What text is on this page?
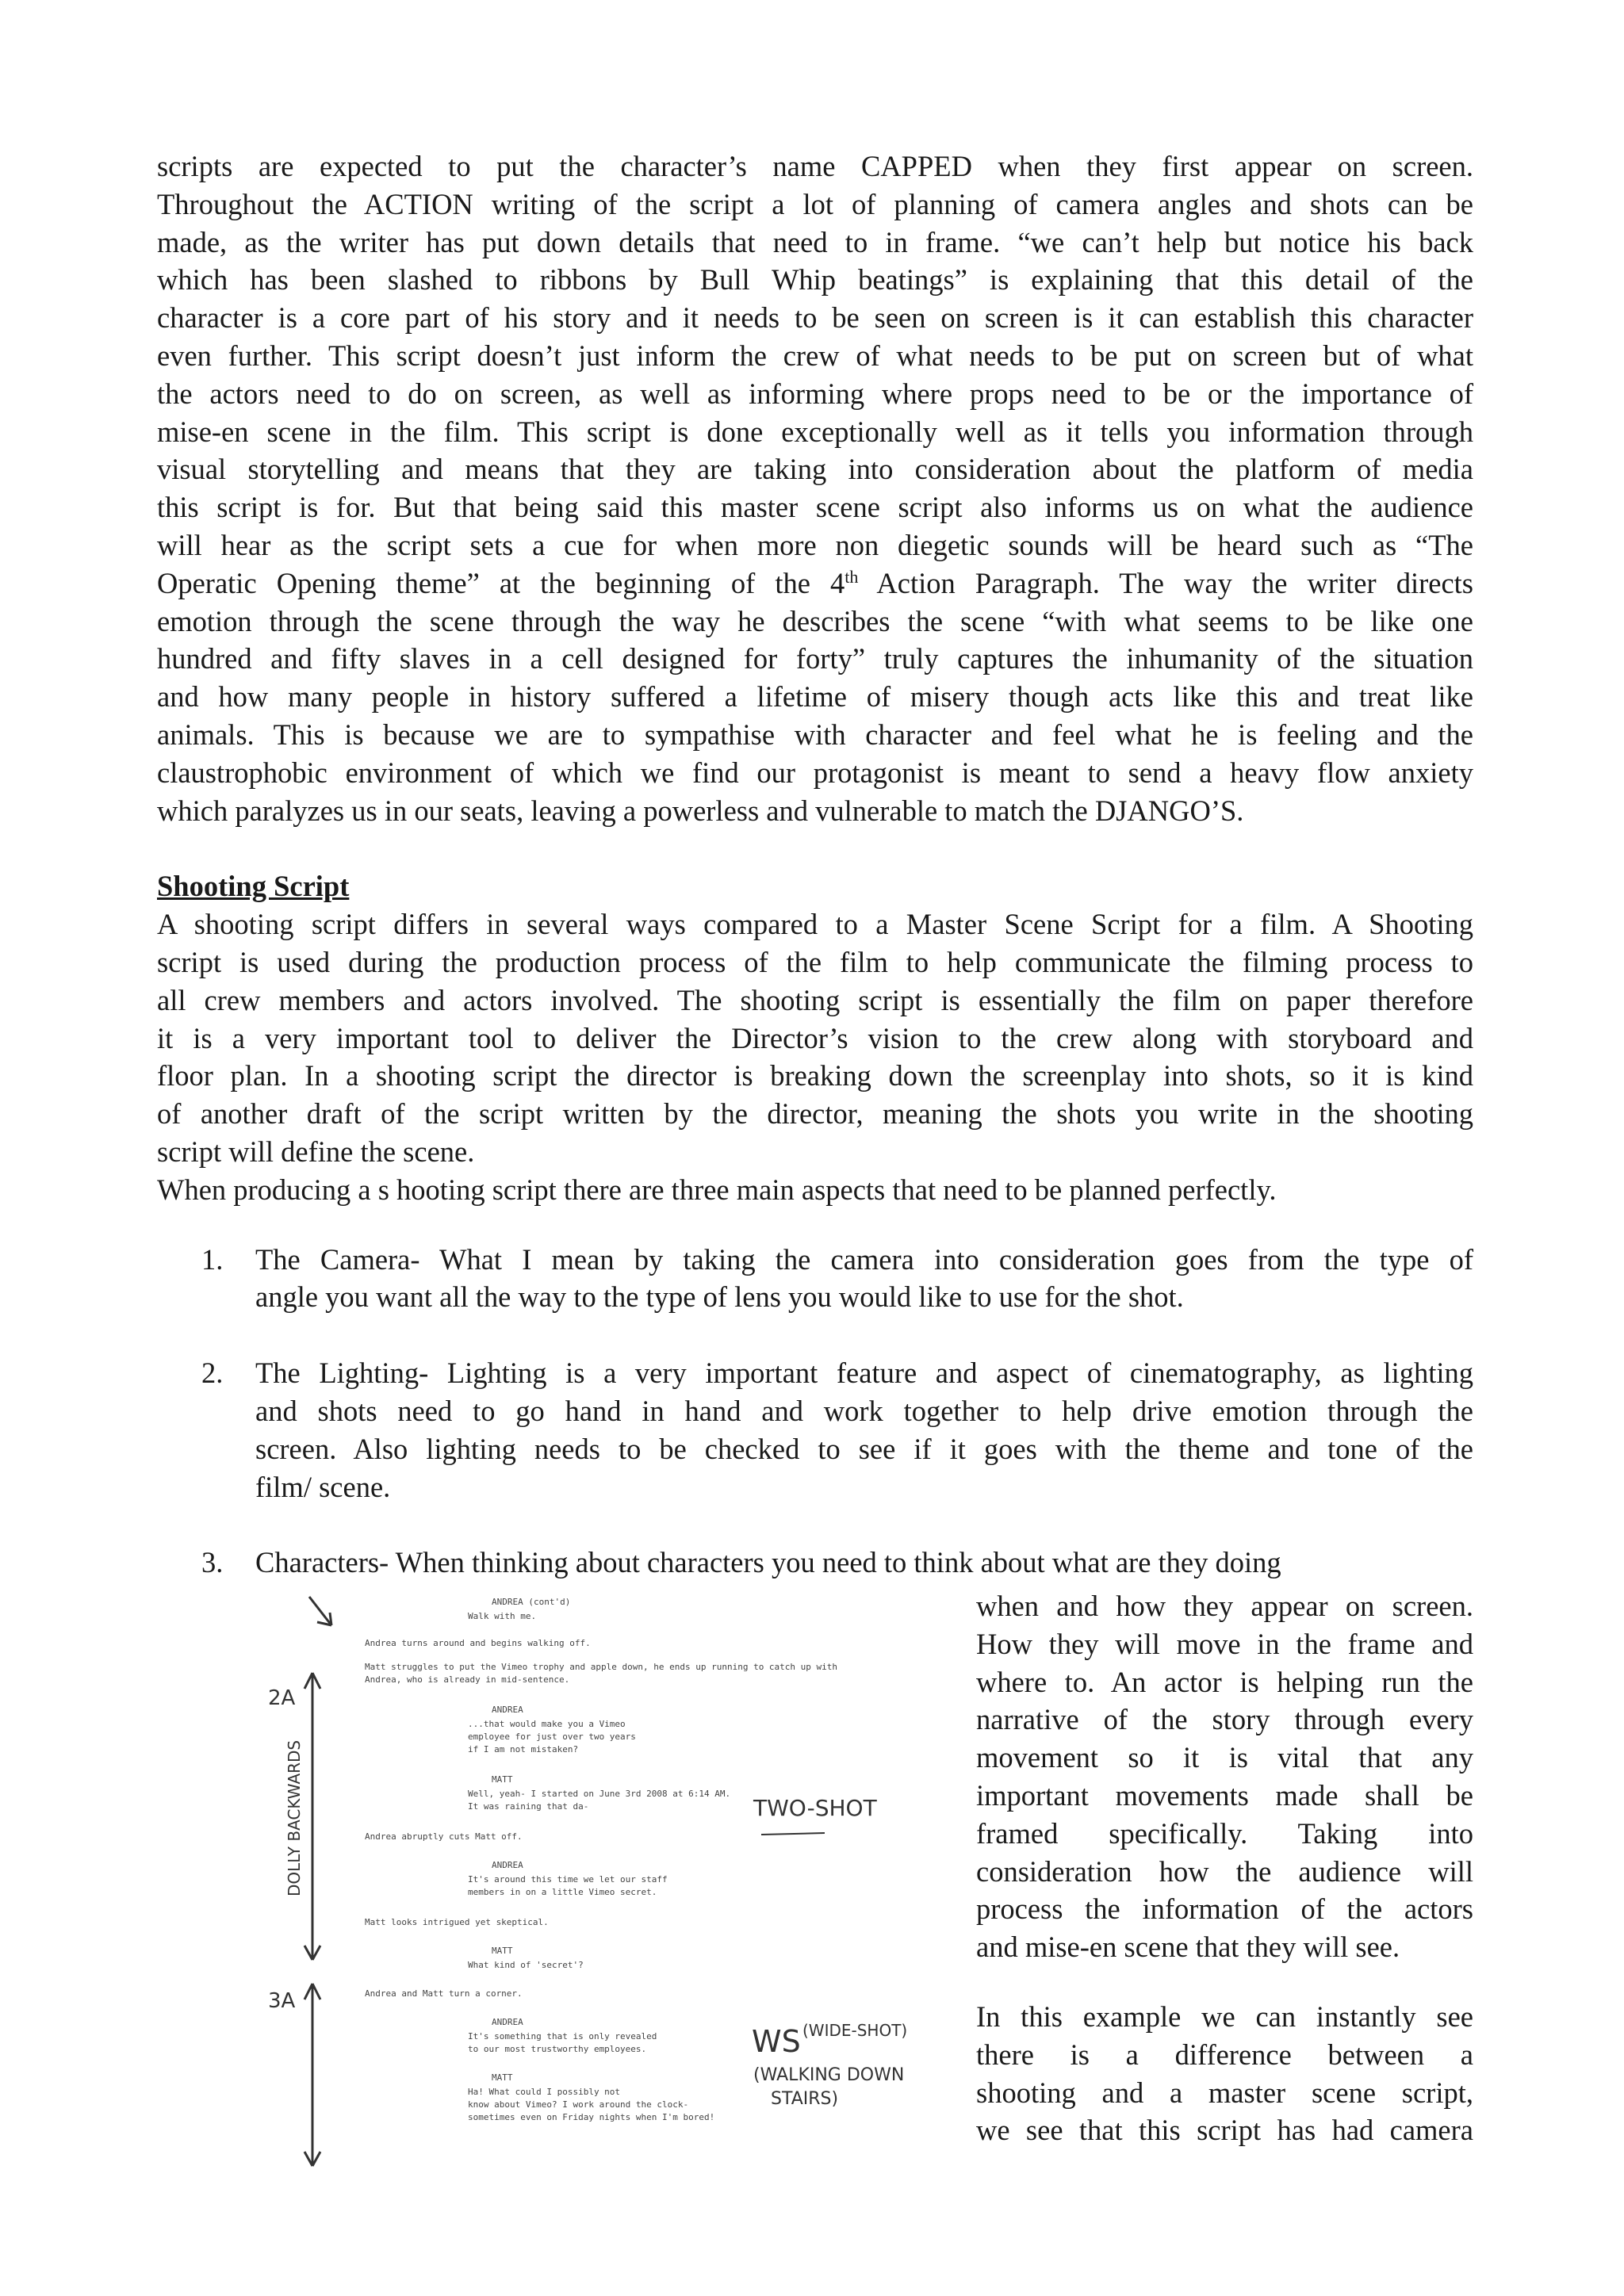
scripts are expected to put the character’s name CAPPED when they first appear on screen.

Throughout the ACTION writing of the script a lot of planning of camera angles and shots can be

made, as the writer has put down details that need to in frame. “we can’t help but notice his back

which has been slashed to ribbons by Bull Whip beatings” is explaining that this detail of the

character is a core part of his story and it needs to be seen on screen is it can establish this character

even further. This script doesn’t just inform the crew of what needs to be put on screen but of what

the actors need to do on screen, as well as informing where props need to be or the importance of

mise-en scene in the film. This script is done exceptionally well as it tells you information through

visual storytelling and means that they are taking into consideration about the platform of media

this script is for. But that being said this master scene script also informs us on what the audience

will hear as the script sets a cue for when more non diegetic sounds will be heard such as “The

Operatic Opening theme” at the beginning of the 4th Action Paragraph. The way the writer directs

emotion through the scene through the way he describes the scene “with what seems to be like one

hundred and fifty slaves in a cell designed for forty” truly captures the inhumanity of the situation

and how many people in history suffered a lifetime of misery though acts like this and treat like

animals. This is because we are to sympathise with character and feel what he is feeling and the

claustrophobic environment of which we find our protagonist is meant to send a heavy flow anxiety

which paralyzes us in our seats, leaving a powerless and vulnerable to match the DJANGO’S.

Shooting Script

A shooting script differs in several ways compared to a Master Scene Script for a film. A Shooting

script is used during the production process of the film to help communicate the filming process to

all crew members and actors involved. The shooting script is essentially the film on paper therefore

it is a very important tool to deliver the Director’s vision to the crew along with storyboard and

floor plan. In a shooting script the director is breaking down the screenplay into shots, so it is kind

of another draft of the script written by the director, meaning the shots you write in the shooting

script will define the scene.

When producing a s hooting script there are three main aspects that need to be planned perfectly.

1. The Camera- What I mean by taking the camera into consideration goes from the type of

angle you want all the way to the type of lens you would like to use for the shot.

2. The Lighting- Lighting is a very important feature and aspect of cinematography, as lighting

and shots need to go hand in hand and work together to help drive emotion through the

screen. Also lighting needs to be checked to see if it goes with the theme and tone of the

film/ scene.

3. Characters- When thinking about characters you need to think about what are they doing

ANDREA (cont'd)
Walk with me.
Andrea turns around and begins walking off.
Matt struggles to put the Vimeo trophy and apple down, he ends up running to catch up with
Andrea, who is already in mid-sentence.
ANDREA
...that would make you a Vimeo
employee for just over two years
if I am not mistaken?
MATT
Well, yeah- I started on June 3rd 2008 at 6:14 AM.
It was raining that da-
Andrea abruptly cuts Matt off.
ANDREA
It's around this time we let our staff
members in on a little Vimeo secret.
Matt looks intrigued yet skeptical.
MATT
What kind of 'secret'?
Andrea and Matt turn a corner.
ANDREA
It's something that is only revealed
to our most trustworthy employees.
MATT
Ha! What could I possibly not
know about Vimeo? I work around the clock-
sometimes even on Friday nights when I'm bored!
2A
3A
DOLLY BACKWARDS	TWO-SHOT
WS (WIDE-SHOT)
(WALKING DOWN
STAIRS)

when and how they appear on screen.

How they will move in the frame and

where to. An actor is helping run the

narrative of the story through every

movement so it is vital that any

important movements made shall be

framed specifically. Taking into

consideration how the audience will

process the information of the actors

and mise-en scene that they will see.

In this example we can instantly see

there is a difference between a

shooting and a master scene script,

we see that this script has had camera
